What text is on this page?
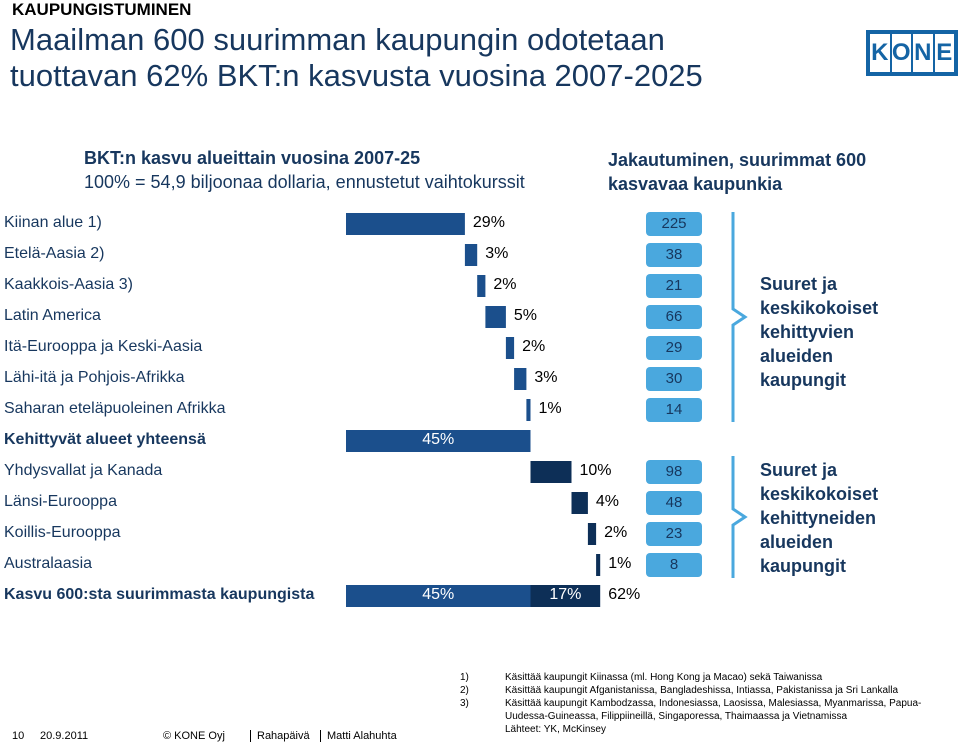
KAUPUNGISTUMINEN
Maailman 600 suurimman kaupungin odotetaan
tuottavan 62% BKT:n kasvusta vuosina 2007-2025
K O N E
BKT:n kasvu alueittain vuosina 2007-25
100% = 54,9 biljoonaa dollaria, ennustetut vaihtokurssit
Jakautuminen, suurimmat 600 kasvavaa kaupunkia
Suuret ja
keskikokoiset
kehittyvien
alueiden
kaupungit
Suuret ja
keskikokoiset
kehittyneiden
alueiden
kaupungit
1)
2)
3)
Käsittää kaupungit Kiinassa (ml. Hong Kong ja Macao) sekä Taiwanissa
Käsittää kaupungit Afganistanissa, Bangladeshissa, Intiassa, Pakistanissa ja Sri Lankalla
Käsittää kaupungit Kambodzassa, Indonesiassa, Laosissa, Malesiassa, Myanmarissa, Papua-
Uudessa-Guineassa, Filippiineillä, Singaporessa, Thaimaassa ja Vietnamissa
Lähteet: YK, McKinsey
10 20.9.2011	© KONE Oyj	Rahapäivä	Matti Alahuhta
Kiinan alue 1)	29%	225
Etelä-Aasia 2)	3%	38
Kaakkois-Aasia 3)	2%	21
Latin America	5%	66
Itä-Eurooppa ja Keski-Aasia	2%	29
Lähi-itä ja Pohjois-Afrikka	3%	30
Saharan eteläpuoleinen Afrikka	1%	14
Kehittyvät alueet yhteensä	45%
Yhdysvallat ja Kanada	10%	98
Länsi-Eurooppa	4%	48
Koillis-Eurooppa	2%	23
Australaasia	1%	8
Kasvu 600:sta suurimmasta kaupungista	45%	17% 62%
